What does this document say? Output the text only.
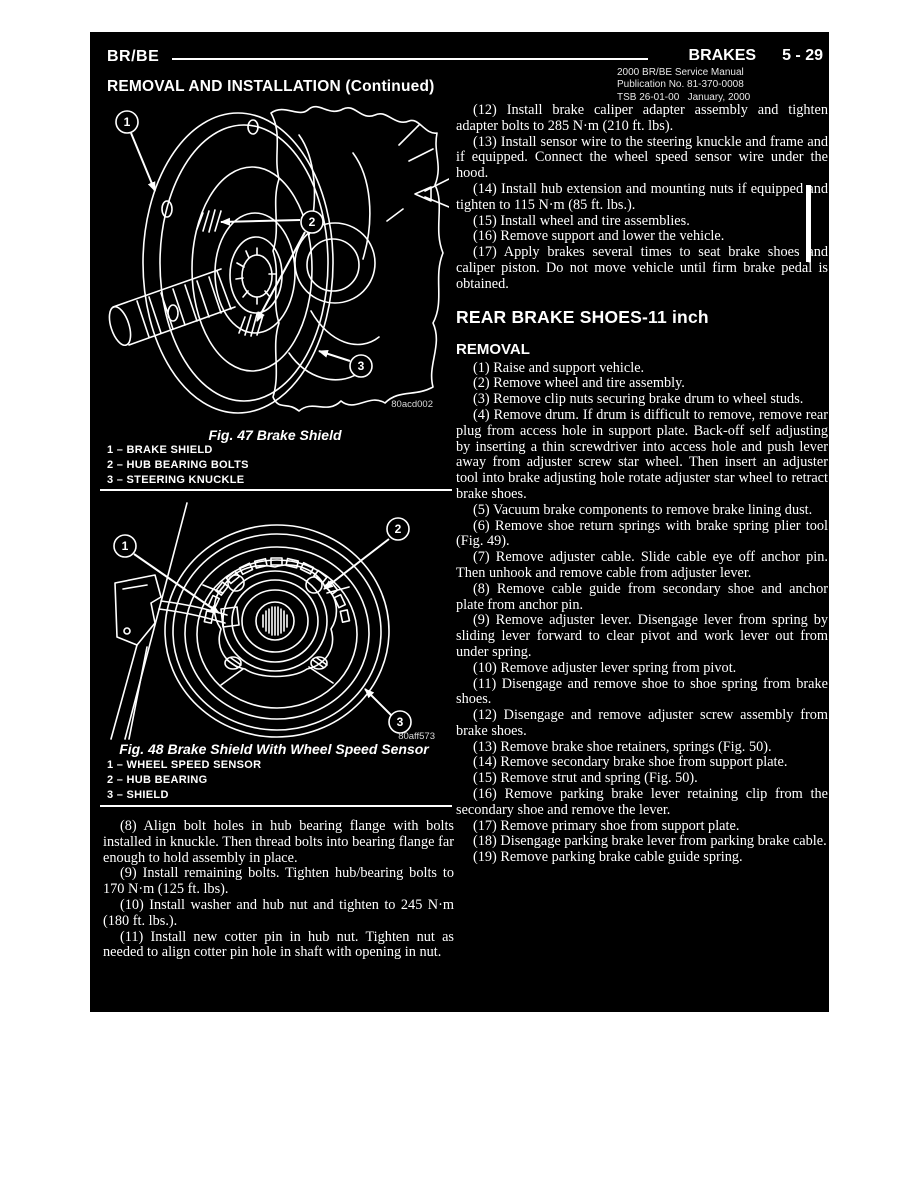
BR/BE	BRAKES 5 - 29

2000 BR/BE Service Manual

Publication No. 81-370-0008

TSB 26-01-00   January, 2000

REMOVAL AND INSTALLATION (Continued)
1
2
3
80acd002
Fig. 47 Brake Shield

1 – BRAKE SHIELD

2 – HUB BEARING BOLTS

3 – STEERING KNUCKLE

1
2
3
80aff573
Fig. 48 Brake Shield With Wheel Speed Sensor

1 – WHEEL SPEED SENSOR

2 – HUB BEARING

3 – SHIELD

(8) Align bolt holes in hub bearing flange with bolts installed in knuckle. Then thread bolts into bearing flange far enough to hold assembly in place.

(9) Install remaining bolts. Tighten hub/bearing bolts to 170 N·m (125 ft. lbs).

(10) Install washer and hub nut and tighten to 245 N·m (180 ft. lbs.).

(11) Install new cotter pin in hub nut. Tighten nut as needed to align cotter pin hole in shaft with opening in nut.

(12) Install brake caliper adapter assembly and tighten adapter bolts to 285 N·m (210 ft. lbs).

(13) Install sensor wire to the steering knuckle and frame and if equipped. Connect the wheel speed sensor wire under the hood.

(14) Install hub extension and mounting nuts if equipped and tighten to 115 N·m (85 ft. lbs.).

(15) Install wheel and tire assemblies.

(16) Remove support and lower the vehicle.

(17) Apply brakes several times to seat brake shoes and caliper piston. Do not move vehicle until firm brake pedal is obtained.

REAR BRAKE SHOES-11 inch
REMOVAL

(1) Raise and support vehicle.

(2) Remove wheel and tire assembly.

(3) Remove clip nuts securing brake drum to wheel studs.

(4) Remove drum. If drum is difficult to remove, remove rear plug from access hole in support plate. Back-off self adjusting by inserting a thin screwdriver into access hole and push lever away from adjuster screw star wheel. Then insert an adjuster tool into brake adjusting hole rotate adjuster star wheel to retract brake shoes.

(5) Vacuum brake components to remove brake lining dust.

(6) Remove shoe return springs with brake spring plier tool (Fig. 49).

(7) Remove adjuster cable. Slide cable eye off anchor pin. Then unhook and remove cable from adjuster lever.

(8) Remove cable guide from secondary shoe and anchor plate from anchor pin.

(9) Remove adjuster lever. Disengage lever from spring by sliding lever forward to clear pivot and work lever out from under spring.

(10) Remove adjuster lever spring from pivot.

(11) Disengage and remove shoe to shoe spring from brake shoes.

(12) Disengage and remove adjuster screw assembly from brake shoes.

(13) Remove brake shoe retainers, springs (Fig. 50).

(14) Remove secondary brake shoe from support plate.

(15) Remove strut and spring (Fig. 50).

(16) Remove parking brake lever retaining clip from the secondary shoe and remove the lever.

(17) Remove primary shoe from support plate.

(18) Disengage parking brake lever from parking brake cable.

(19) Remove parking brake cable guide spring.
